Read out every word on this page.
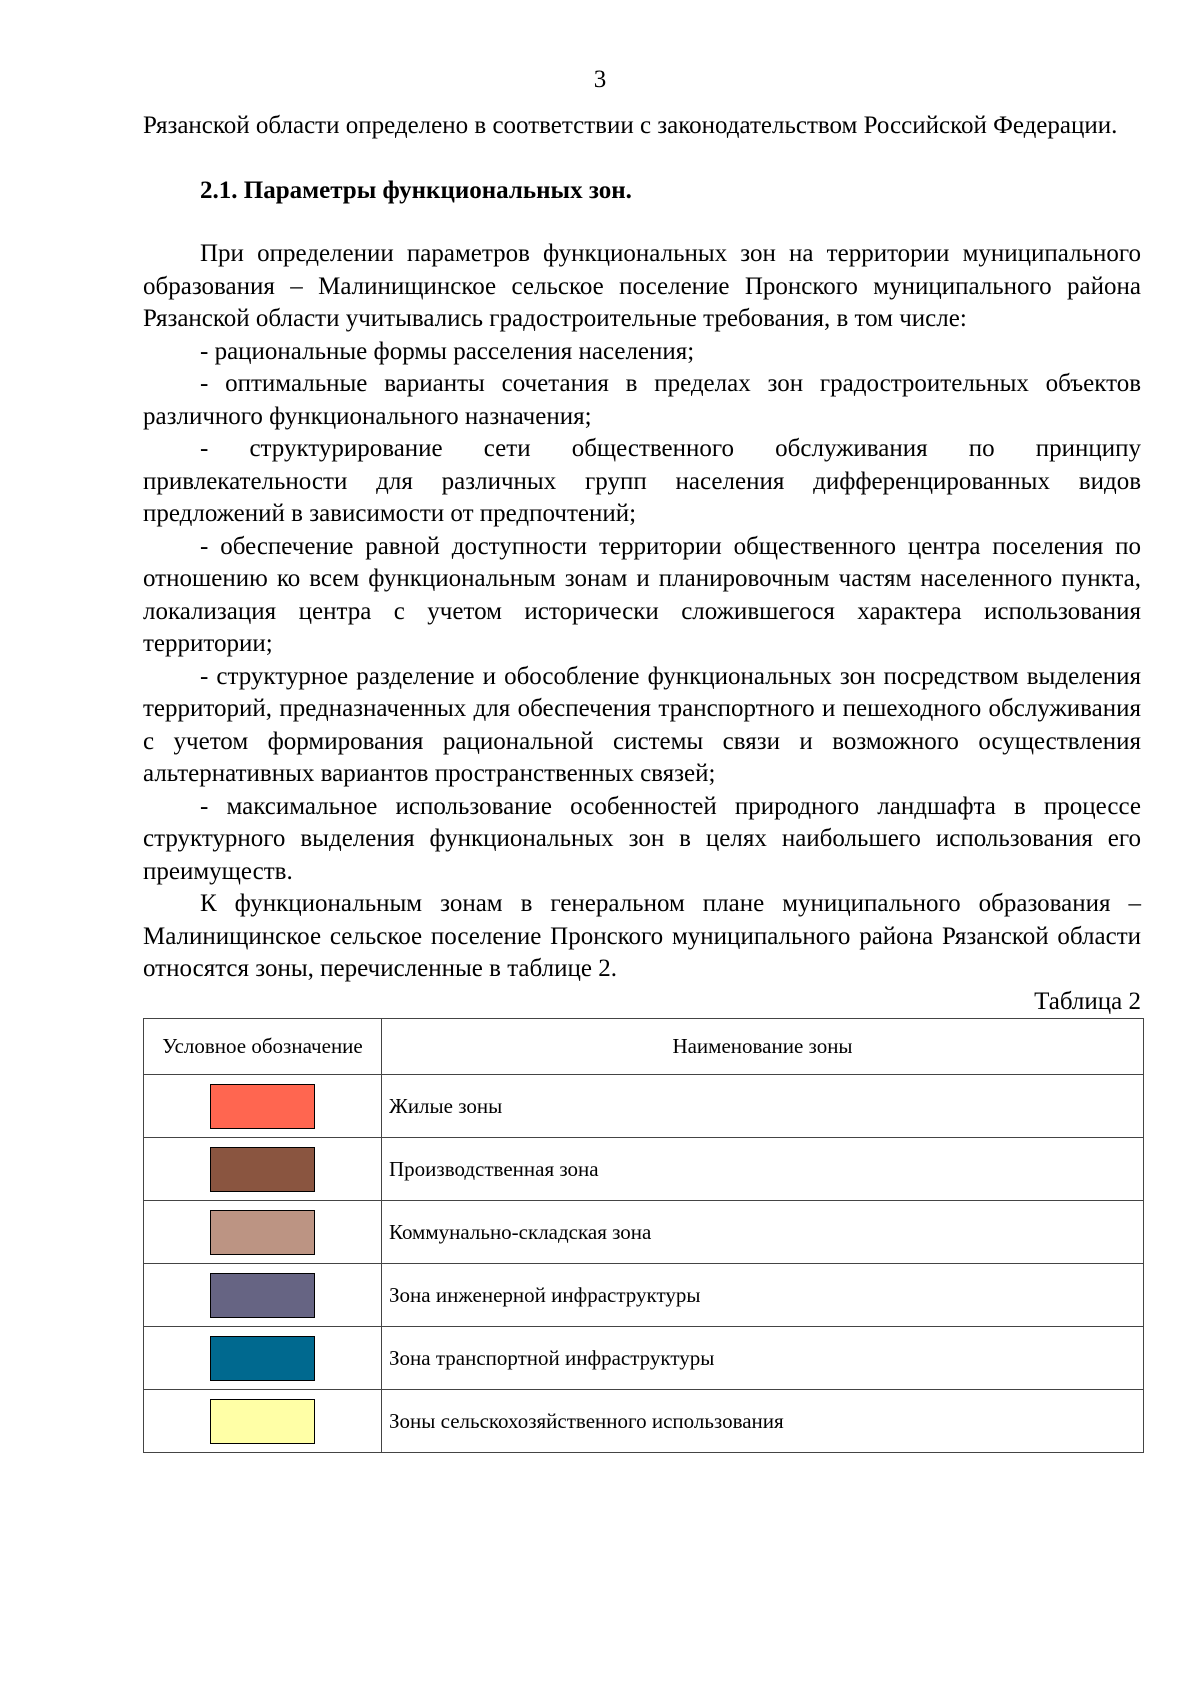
3

Рязанской области определено в соответствии с законодательством Российской Федерации.

2.1. Параметры функциональных зон.

При определении параметров функциональных зон на территории муниципального образования – Малинищинское сельское поселение Пронского муниципального района Рязанской области учитывались градостроительные требования, в том числе:

- рациональные формы расселения населения;

- оптимальные варианты сочетания в пределах зон градостроительных объектов различного функционального назначения;

- структурирование сети общественного обслуживания по принципу привлекательности для различных групп населения дифференцированных видов предложений в зависимости от предпочтений;

- обеспечение равной доступности территории общественного центра поселения по отношению ко всем функциональным зонам и планировочным частям населенного пункта, локализация центра с учетом исторически сложившегося характера использования территории;

- структурное разделение и обособление функциональных зон посредством выделения территорий, предназначенных для обеспечения транспортного и пешеходного обслуживания с учетом формирования рациональной системы связи и возможного осуществления альтернативных вариантов пространственных связей;

- максимальное использование особенностей природного ландшафта в процессе структурного выделения функциональных зон в целях наибольшего использования его преимуществ.

К функциональным зонам в генеральном плане муниципального образования – Малинищинское сельское поселение Пронского муниципального района Рязанской области относятся зоны, перечисленные в таблице 2.

Таблица 2

Условное обозначение	Наименование зоны
	Жилые зоны
	Производственная зона
	Коммунально-складская зона
	Зона инженерной инфраструктуры
	Зона транспортной инфраструктуры
	Зоны сельскохозяйственного использования
